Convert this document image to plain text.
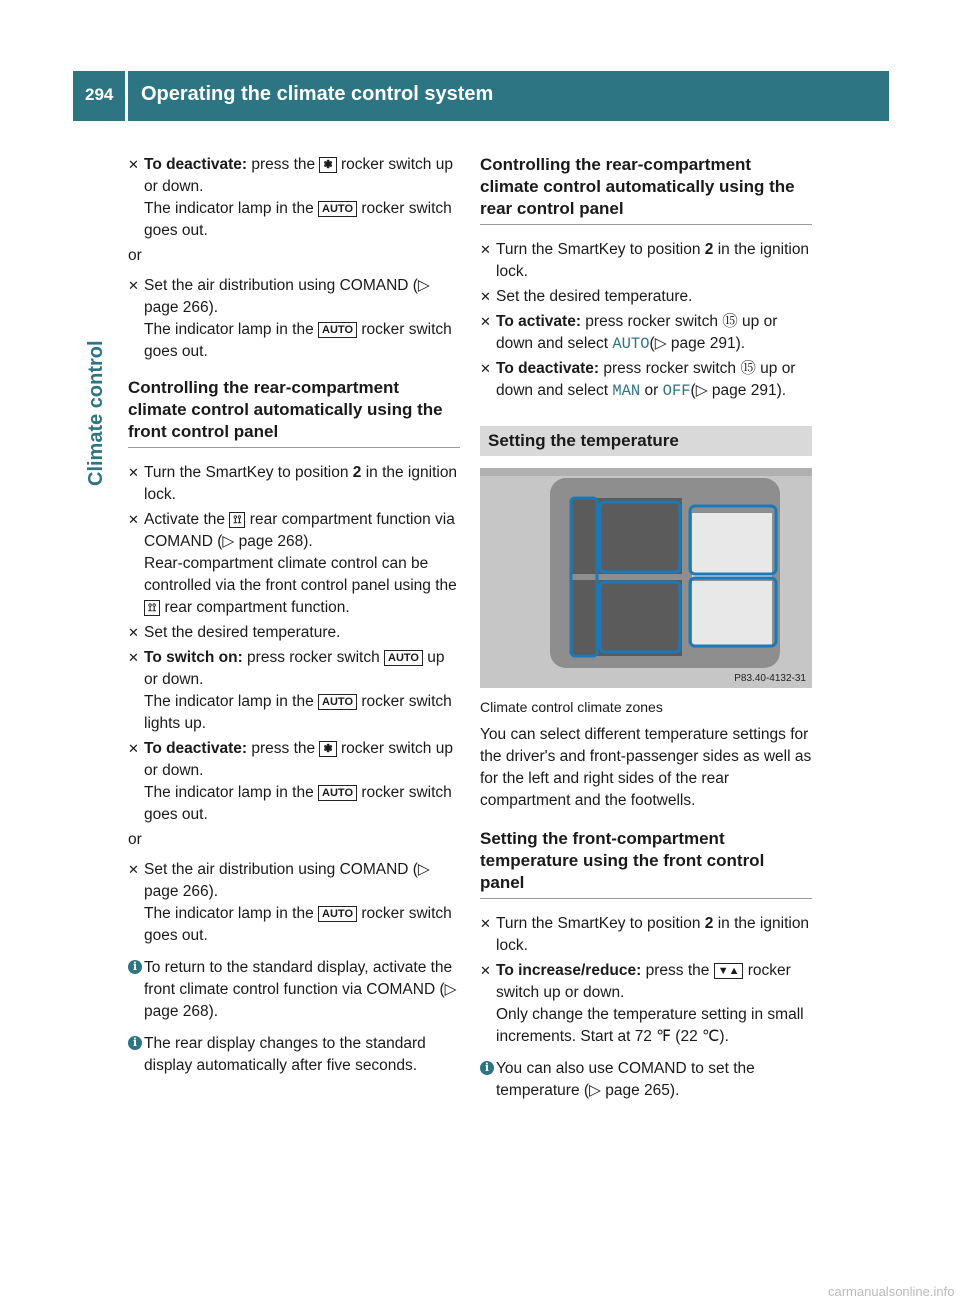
294 Operating the climate control system
Climate control
✕ To deactivate: press the ❃ rocker switch up or down.
The indicator lamp in the AUTO rocker switch goes out.
or
✕ Set the air distribution using COMAND (▷ page 266).
The indicator lamp in the AUTO rocker switch goes out.
Controlling the rear-compartment climate control automatically using the front control panel
✕ Turn the SmartKey to position 2 in the ignition lock.
✕ Activate the ⟟⟟ rear compartment function via COMAND (▷ page 268).
Rear-compartment climate control can be controlled via the front control panel using the ⟟⟟ rear compartment function.
✕ Set the desired temperature.
✕ To switch on: press rocker switch AUTO up or down.
The indicator lamp in the AUTO rocker switch lights up.
✕ To deactivate: press the ❃ rocker switch up or down.
The indicator lamp in the AUTO rocker switch goes out.
or
✕ Set the air distribution using COMAND (▷ page 266).
The indicator lamp in the AUTO rocker switch goes out.
i To return to the standard display, activate the front climate control function via COMAND (▷ page 268).
i The rear display changes to the standard display automatically after five seconds.
Controlling the rear-compartment climate control automatically using the rear control panel
✕ Turn the SmartKey to position 2 in the ignition lock.
✕ Set the desired temperature.
✕ To activate: press rocker switch ⑮ up or down and select AUTO(▷ page 291).
✕ To deactivate: press rocker switch ⑮ up or down and select MAN or OFF(▷ page 291).
Setting the temperature
P83.40-4132-31
Climate control climate zones
You can select different temperature settings for the driver's and front-passenger sides as well as for the left and right sides of the rear compartment and the footwells.
Setting the front-compartment temperature using the front control panel
✕ Turn the SmartKey to position 2 in the ignition lock.
✕ To increase/reduce: press the ▼▲ rocker switch up or down.
Only change the temperature setting in small increments. Start at 72 ℉ (22 ℃).
i You can also use COMAND to set the temperature (▷ page 265).
carmanualsonline.info
